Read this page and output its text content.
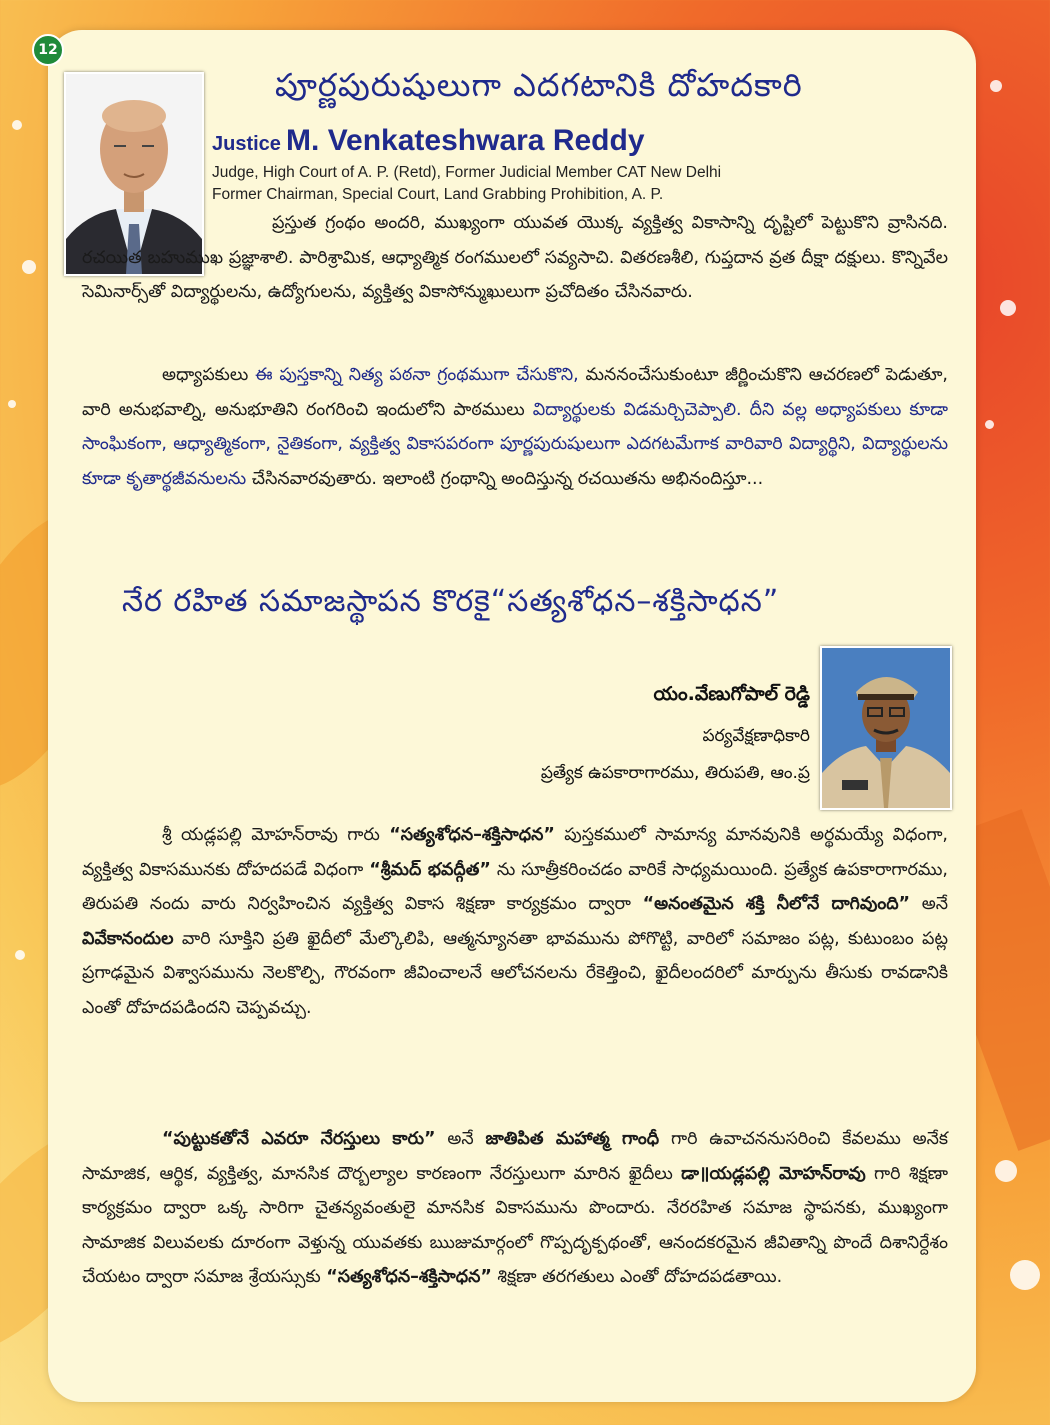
12
పూర్ణపురుషులుగా ఎదగటానికి దోహదకారి
Justice M. Venkateshwara Reddy
Judge, High Court of A. P. (Retd), Former Judicial Member CAT New Delhi
Former Chairman, Special Court, Land Grabbing Prohibition, A. P.
ప్రస్తుత గ్రంథం అందరి, ముఖ్యంగా యువత యొక్క వ్యక్తిత్వ వికాసాన్ని దృష్టిలో పెట్టుకొని వ్రాసినది. రచయిత బహుముఖ ప్రజ్ఞాశాలి. పారిశ్రామిక, ఆధ్యాత్మిక రంగములలో సవ్యసాచి. వితరణశీలి, గుప్తదాన వ్రత దీక్షా దక్షులు. కొన్నివేల సెమినార్స్‌తో విద్యార్థులను, ఉద్యోగులను, వ్యక్తిత్వ వికాసోన్ముఖులుగా ప్రచోదితం చేసినవారు.
అధ్యాపకులు ఈ పుస్తకాన్ని నిత్య పఠనా గ్రంథముగా చేసుకొని, మననంచేసుకుంటూ జీర్ణించుకొని ఆచరణలో పెడుతూ, వారి అనుభవాల్ని, అనుభూతిని రంగరించి ఇందులోని పాఠములు విద్యార్థులకు విడమర్చిచెప్పాలి. దీని వల్ల అధ్యాపకులు కూడా సాంఘికంగా, ఆధ్యాత్మికంగా, నైతికంగా, వ్యక్తిత్వ వికాసపరంగా పూర్ణపురుషులుగా ఎదగటమేగాక వారివారి విద్యార్థిని, విద్యార్థులను కూడా కృతార్థజీవనులను చేసినవారవుతారు. ఇలాంటి గ్రంథాన్ని అందిస్తున్న రచయితను అభినందిస్తూ...
నేర రహిత సమాజస్థాపన కొరకై“సత్యశోధన–శక్తిసాధన”
యం.వేణుగోపాల్ రెడ్డి
పర్యవేక్షణాధికారి
ప్రత్యేక ఉపకారాగారము, తిరుపతి, ఆం.ప్ర
శ్రీ యడ్లపల్లి మోహన్‌రావు గారు “సత్యశోధన–శక్తిసాధన” పుస్తకములో సామాన్య మానవునికి అర్థమయ్యే విధంగా, వ్యక్తిత్వ వికాసమునకు దోహదపడే విధంగా “శ్రీమద్ భవద్గీత” ను సూత్రీకరించడం వారికే సాధ్యమయింది. ప్రత్యేక ఉపకారాగారము, తిరుపతి నందు వారు నిర్వహించిన వ్యక్తిత్వ వికాస శిక్షణా కార్యక్రమం ద్వారా “అనంతమైన శక్తి నీలోనే దాగివుంది” అనే వివేకానందుల వారి సూక్తిని ప్రతి ఖైదీలో మేల్కొలిపి, ఆత్మన్యూనతా భావమును పోగొట్టి, వారిలో సమాజం పట్ల, కుటుంబం పట్ల ప్రగాఢమైన విశ్వాసమును నెలకొల్పి, గౌరవంగా జీవించాలనే ఆలోచనలను రేకెత్తించి, ఖైదీలందరిలో మార్పును తీసుకు రావడానికి ఎంతో దోహదపడిందని చెప్పవచ్చు.
“పుట్టుకతోనే ఎవరూ నేరస్తులు కారు” అనే జాతిపిత మహాత్మ గాంధీ గారి ఉవాచననుసరించి కేవలము అనేక సామాజిక, ఆర్థిక, వ్యక్తిత్వ, మానసిక దౌర్బల్యాల కారణంగా నేరస్తులుగా మారిన ఖైదీలు డా॥యడ్లపల్లి మోహన్‌రావు గారి శిక్షణా కార్యక్రమం ద్వారా ఒక్క సారిగా చైతన్యవంతులై మానసిక వికాసమును పొందారు. నేరరహిత సమాజ స్థాపనకు, ముఖ్యంగా సామాజిక విలువలకు దూరంగా వెళ్తున్న యువతకు ఋజుమార్గంలో గొప్పదృక్పథంతో, ఆనందకరమైన జీవితాన్ని పొందే దిశానిర్దేశం చేయటం ద్వారా సమాజ శ్రేయస్సుకు “సత్యశోధన–శక్తిసాధన” శిక్షణా తరగతులు ఎంతో దోహదపడతాయి.
